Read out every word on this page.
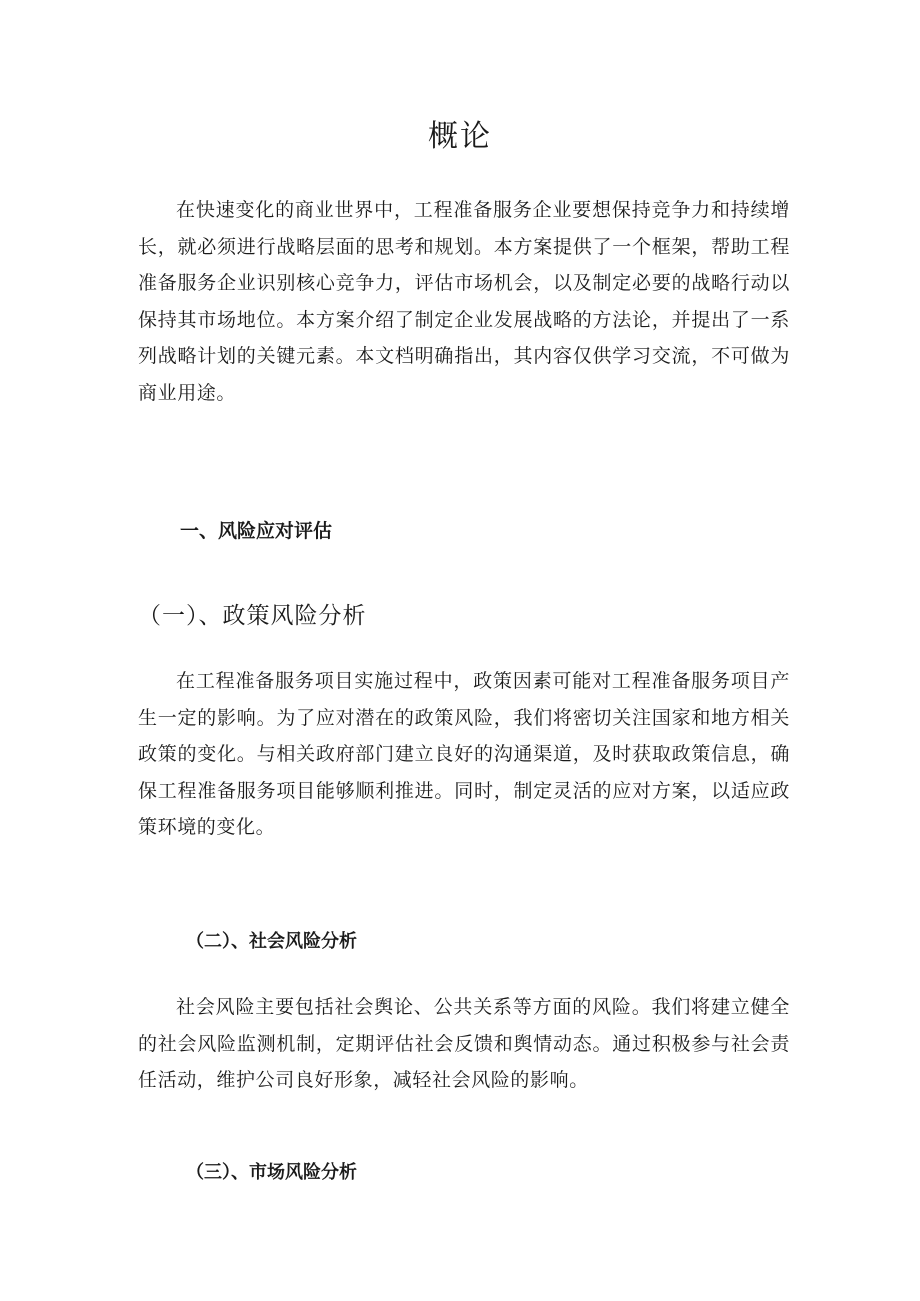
概论

在快速变化的商业世界中，工程准备服务企业要想保持竞争力和持续增长，就必须进行战略层面的思考和规划。本方案提供了一个框架，帮助工程准备服务企业识别核心竞争力，评估市场机会，以及制定必要的战略行动以保持其市场地位。本方案介绍了制定企业发展战略的方法论，并提出了一系列战略计划的关键元素。本文档明确指出，其内容仅供学习交流，不可做为商业用途。

一、风险应对评估
（一）、政策风险分析

在工程准备服务项目实施过程中，政策因素可能对工程准备服务项目产生一定的影响。为了应对潜在的政策风险，我们将密切关注国家和地方相关政策的变化。与相关政府部门建立良好的沟通渠道，及时获取政策信息，确保工程准备服务项目能够顺利推进。同时，制定灵活的应对方案，以适应政策环境的变化。

（二）、社会风险分析

社会风险主要包括社会舆论、公共关系等方面的风险。我们将建立健全的社会风险监测机制，定期评估社会反馈和舆情动态。通过积极参与社会责任活动，维护公司良好形象，减轻社会风险的影响。

（三）、市场风险分析
